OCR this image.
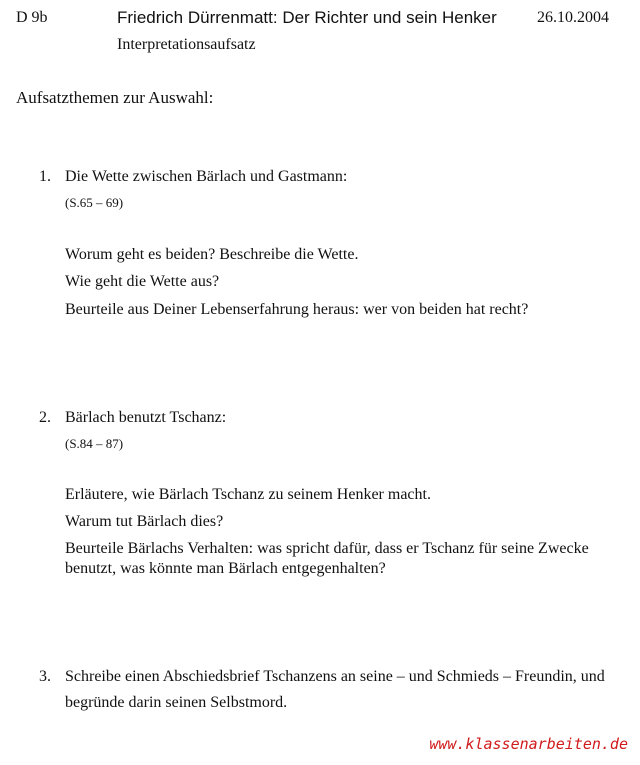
D 9b	Friedrich Dürrenmatt: Der Richter und sein Henker	26.10.2004
Interpretationsaufsatz
Aufsatzthemen zur Auswahl:
1. Die Wette zwischen Bärlach und Gastmann:
(S.65 – 69)
Worum geht es beiden? Beschreibe die Wette.
Wie geht die Wette aus?
Beurteile aus Deiner Lebenserfahrung heraus: wer von beiden hat recht?
2. Bärlach benutzt Tschanz:
(S.84 – 87)
Erläutere, wie Bärlach Tschanz zu seinem Henker macht.
Warum tut Bärlach dies?
Beurteile Bärlachs Verhalten: was spricht dafür, dass er Tschanz für seine Zwecke
benutzt, was könnte man Bärlach entgegenhalten?
3. Schreibe einen Abschiedsbrief Tschanzens an seine – und Schmieds – Freundin, und
begründe darin seinen Selbstmord.
www.klassenarbeiten.de
